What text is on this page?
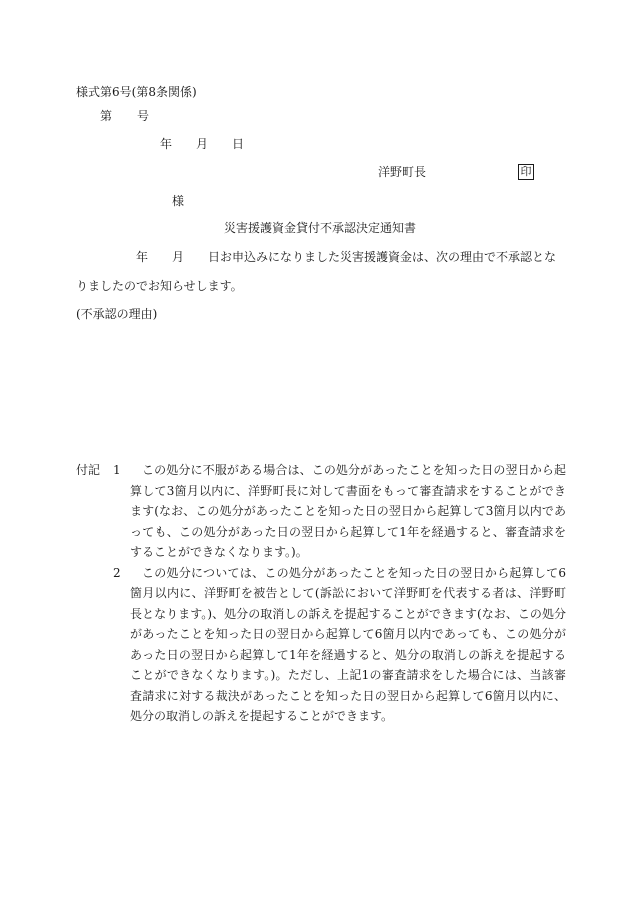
様式第6号(第8条関係)
第 号
年 月 日
洋野町長	印
様
災害援護資金貸付不承認決定通知書
年 月 日お申込みになりました災害援護資金は、次の理由で不承認とな
りましたのでお知らせします。
(不承認の理由)
付記 1	この処分に不服がある場合は、この処分があったことを知った日の翌日から起算して3箇月以内に、洋野町長に対して書面をもって審査請求をすることができます(なお、この処分があったことを知った日の翌日から起算して3箇月以内であっても、この処分があった日の翌日から起算して1年を経過すると、審査請求をすることができなくなります。)。
2	この処分については、この処分があったことを知った日の翌日から起算して6箇月以内に、洋野町を被告として(訴訟において洋野町を代表する者は、洋野町長となります。)、処分の取消しの訴えを提起することができます(なお、この処分があったことを知った日の翌日から起算して6箇月以内であっても、この処分があった日の翌日から起算して1年を経過すると、処分の取消しの訴えを提起することができなくなります。)。ただし、上記1の審査請求をした場合には、当該審査請求に対する裁決があったことを知った日の翌日から起算して6箇月以内に、処分の取消しの訴えを提起することができます。
